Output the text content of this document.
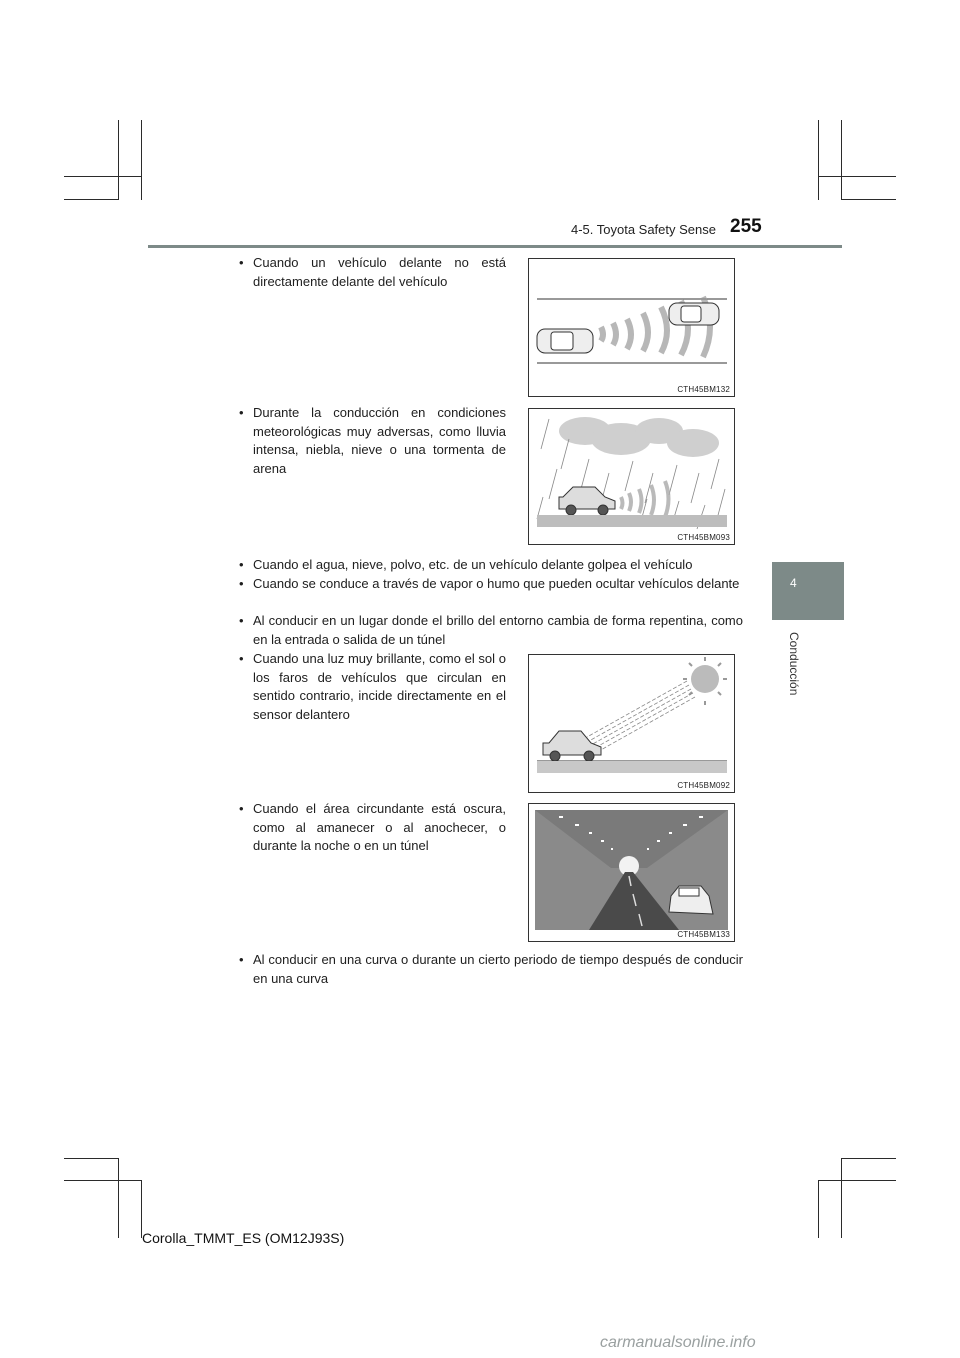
4-5. Toyota Safety Sense 255
4
Conducción
• Cuando un vehículo delante no está directamente delante del vehículo
• Durante la conducción en condiciones meteorológicas muy adversas, como lluvia intensa, niebla, nieve o una tormenta de arena
• Cuando el agua, nieve, polvo, etc. de un vehículo delante golpea el vehículo
• Cuando se conduce a través de vapor o humo que pueden ocultar vehículos delante
• Al conducir en un lugar donde el brillo del entorno cambia de forma repentina, como en la entrada o salida de un túnel
• Cuando una luz muy brillante, como el sol o los faros de vehículos que circulan en sentido contrario, incide directamente en el sensor delantero
• Cuando el área circundante está oscura, como al amanecer o al anochecer, o durante la noche o en un túnel
• Al conducir en una curva o durante un cierto periodo de tiempo después de conducir en una curva
CTH45BM132
CTH45BM093
CTH45BM092
CTH45BM133
Corolla_TMMT_ES (OM12J93S)
carmanualsonline.info
